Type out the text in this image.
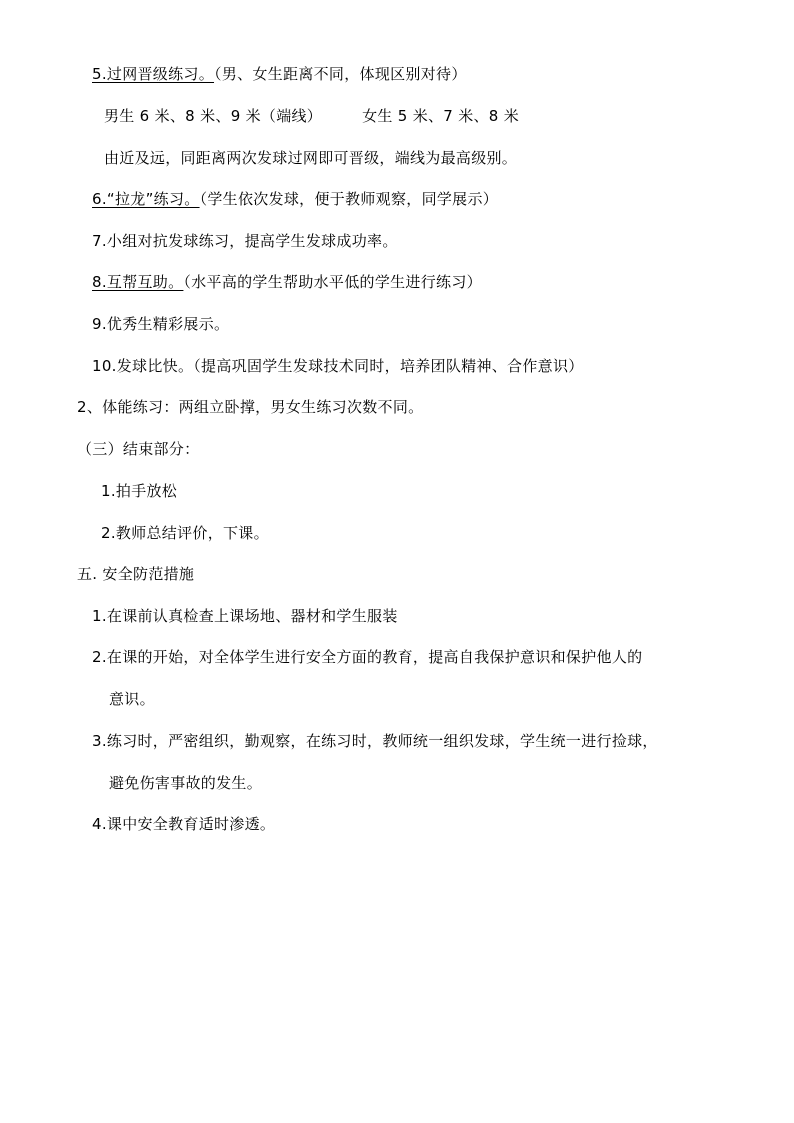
5.过网晋级练习。（男、女生距离不同，体现区别对待）
男生 6 米、8 米、9 米（端线）	女生 5 米、7 米、8 米
由近及远，同距离两次发球过网即可晋级，端线为最高级别。
6.“拉龙”练习。（学生依次发球，便于教师观察，同学展示）
7.小组对抗发球练习，提高学生发球成功率。
8.互帮互助。（水平高的学生帮助水平低的学生进行练习）
9.优秀生精彩展示。
10.发球比快。（提高巩固学生发球技术同时，培养团队精神、合作意识）
2、体能练习：两组立卧撑，男女生练习次数不同。
（三）结束部分：
1.拍手放松
2.教师总结评价，下课。
五. 安全防范措施
1.在课前认真检查上课场地、器材和学生服装
2.在课的开始，对全体学生进行安全方面的教育，提高自我保护意识和保护他人的
意识。
3.练习时，严密组织，勤观察，在练习时，教师统一组织发球，学生统一进行捡球，
避免伤害事故的发生。
4.课中安全教育适时渗透。
